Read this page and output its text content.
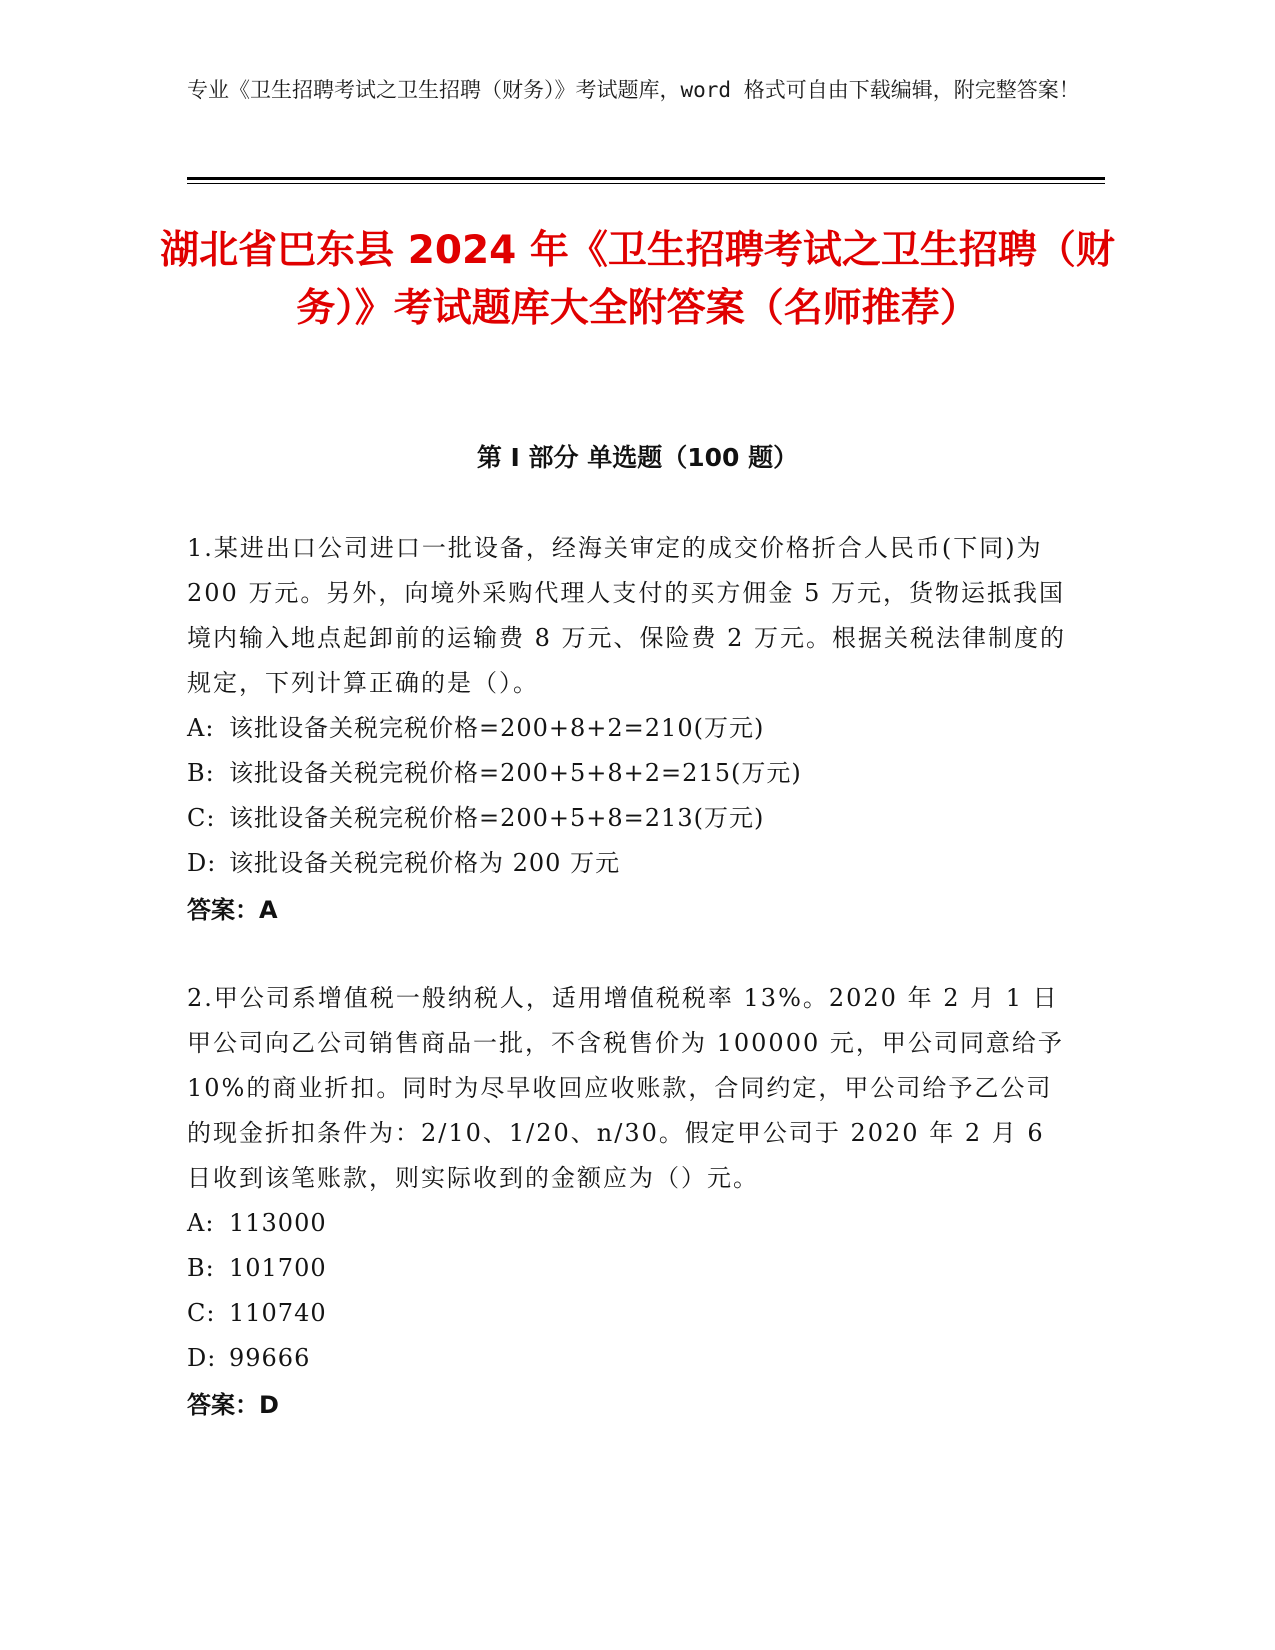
专业《卫生招聘考试之卫生招聘（财务）》考试题库，word 格式可自由下载编辑，附完整答案！
湖北省巴东县 2024 年《卫生招聘考试之卫生招聘（财务）》考试题库大全附答案（名师推荐）
第 I 部分 单选题（100 题）
1.某进出口公司进口一批设备，经海关审定的成交价格折合人民币(下同)为 200 万元。另外，向境外采购代理人支付的买方佣金 5 万元，货物运抵我国境内输入地点起卸前的运输费 8 万元、保险费 2 万元。根据关税法律制度的规定，下列计算正确的是（）。
A: 该批设备关税完税价格=200+8+2=210(万元)
B: 该批设备关税完税价格=200+5+8+2=215(万元)
C: 该批设备关税完税价格=200+5+8=213(万元)
D: 该批设备关税完税价格为 200 万元
答案：A
2.甲公司系增值税一般纳税人，适用增值税税率 13%。2020 年 2 月 1 日甲公司向乙公司销售商品一批，不含税售价为 100000 元，甲公司同意给予 10%的商业折扣。同时为尽早收回应收账款，合同约定，甲公司给予乙公司的现金折扣条件为：2/10、1/20、n/30。假定甲公司于 2020 年 2 月 6 日收到该笔账款，则实际收到的金额应为（）元。
A: 113000
B: 101700
C: 110740
D: 99666
答案：D
